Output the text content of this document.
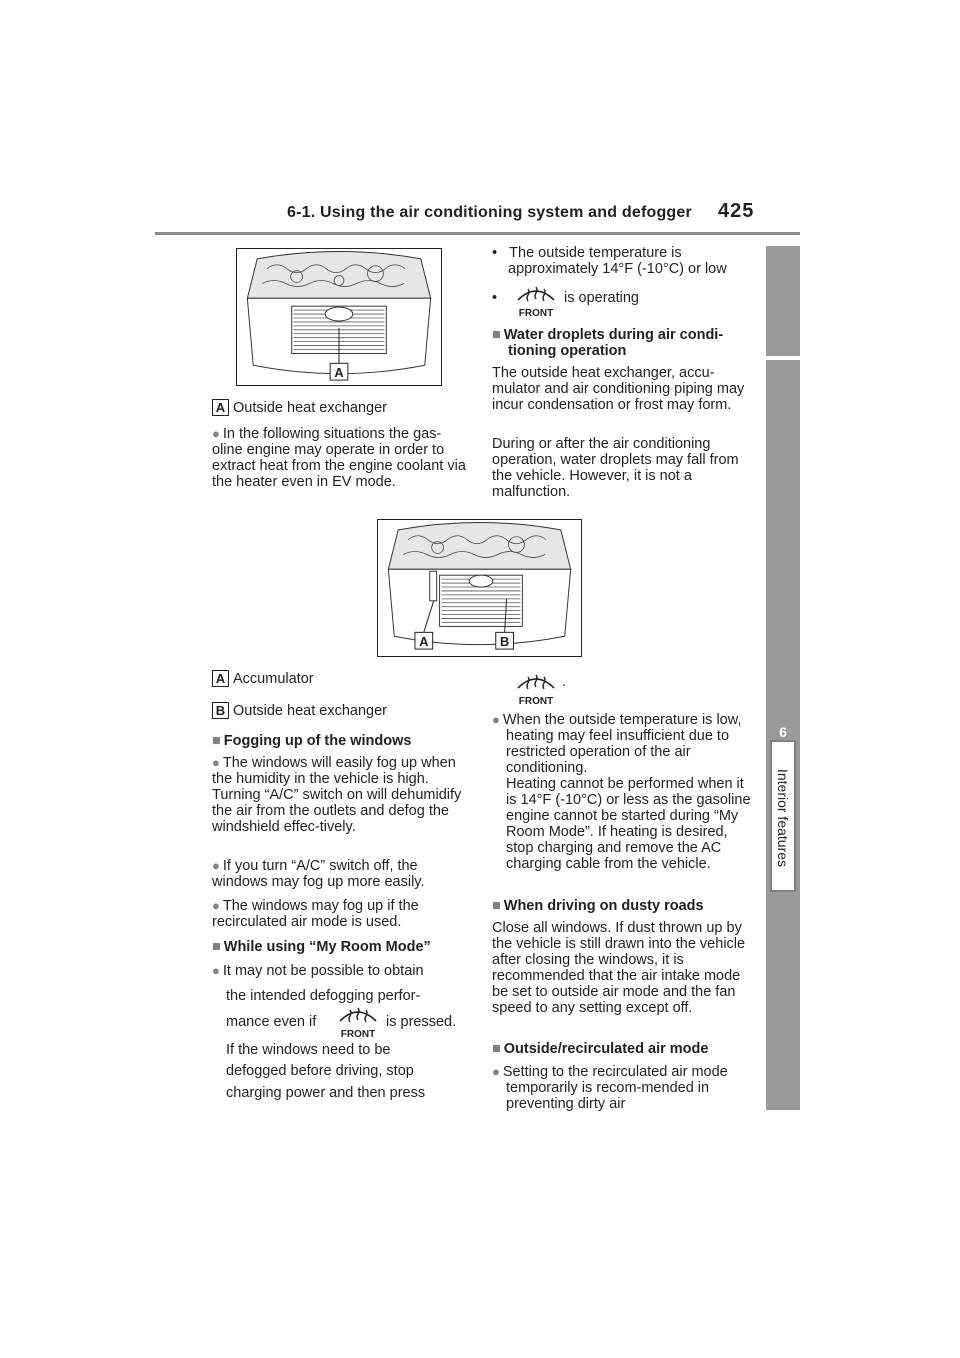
6-1. Using the air conditioning system and defogger 425
6
Interior features
A
A Outside heat exchanger

● In the following situations the gas-oline engine may operate in order to extract heat from the engine coolant via the heater even in EV mode.

A	B
A Accumulator
B Outside heat exchanger
■ Fogging up of the windows

● The windows will easily fog up when the humidity in the vehicle is high. Turning “A/C” switch on will dehumidify the air from the outlets and defog the windshield effec-tively.

● If you turn “A/C” switch off, the windows may fog up more easily.

● The windows may fog up if the recirculated air mode is used.

■ While using “My Room Mode”

● It may not be possible to obtain

the intended defogging perfor-
mance even if
FRONT
is pressed.
If the windows need to be
defogged before driving, stop
charging power and then press

•   The outside temperature is approximately 14°F (-10°C) or low

•
FRONT
is operating

■ Water droplets during air condi-tioning operation

The outside heat exchanger, accu-mulator and air conditioning piping may incur condensation or frost may form.
During or after the air conditioning operation, water droplets may fall from the vehicle. However, it is not a malfunction.
FRONT
.

● When the outside temperature is low, heating may feel insufficient due to restricted operation of the air conditioning.

Heating cannot be performed when it is 14°F (-10°C) or less as the gasoline engine cannot be started during “My Room Mode”. If heating is desired, stop charging and remove the AC charging cable from the vehicle.

■ When driving on dusty roads
Close all windows. If dust thrown up by the vehicle is still drawn into the vehicle after closing the windows, it is recommended that the air intake mode be set to outside air mode and the fan speed to any setting except off.
■ Outside/recirculated air mode

● Setting to the recirculated air mode temporarily is recom-mended in preventing dirty air
